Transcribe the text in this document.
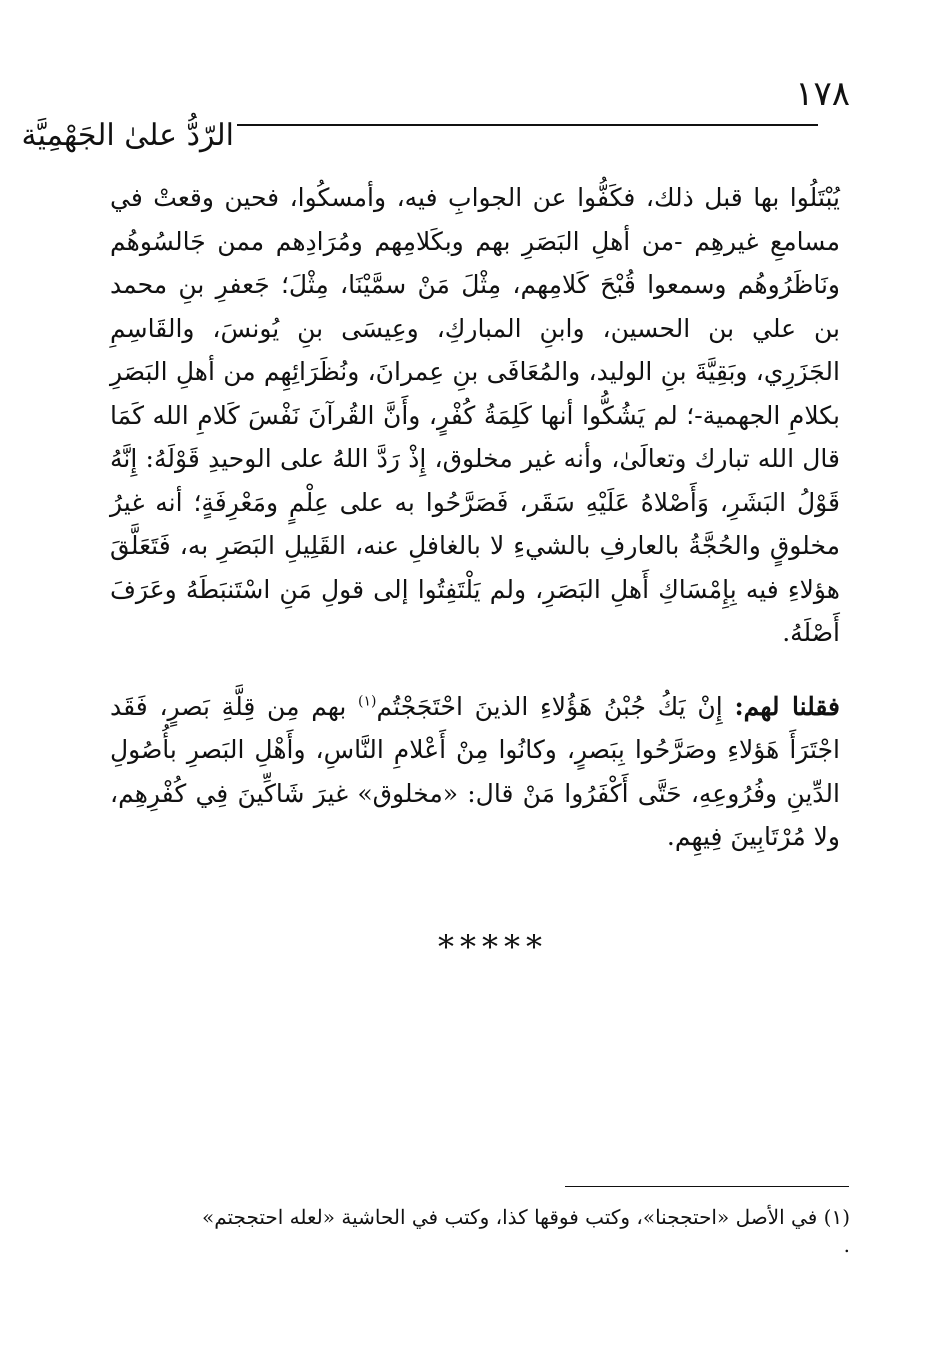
١٧٨
الرّدُّ علىٰ الجَهْمِيَّة

يُبْتَلُوا بها قبل ذلك، فكَفُّوا عن الجوابِ فيه، وأمسكُوا، فحين وقعتْ في مسامعِ غيرهِم -من أهلِ البَصَرِ بهم وبكَلامِهم ومُرَادِهم ممن جَالسُوهُم ونَاظَرُوهُم وسمعوا قُبْحَ كَلامِهم، مِثْلَ مَنْ سمَّيْنَا، مِثْلَ؛ جَعفرِ بنِ محمد بن علي بن الحسين، وابنِ المباركِ، وعِيسَى بنِ يُونسَ، والقَاسِمِ الجَزَرِي، وبَقِيَّةَ بنِ الوليد، والمُعَافَى بنِ عِمرانَ، ونُظَرَائِهِم من أهلِ البَصَرِ بكلامِ الجهمية-؛ لم يَشُكُّوا أنها كَلِمَةُ كُفْرٍ، وأَنَّ القُرآنَ نَفْسَ كَلامِ الله كَمَا قال الله تبارك وتعالَىٰ، وأنه غير مخلوق، إِذْ رَدَّ اللهُ على الوحيدِ قَوْلَهُ: إِنَّهُ قَوْلُ البَشَرِ، وَأَصْلاهُ عَلَيْهِ سَقَر، فَصَرَّحُوا به على عِلْمٍ ومَعْرِفَةٍ؛ أنه غيرُ مخلوقٍ والحُجَّةُ بالعارفِ بالشيءِ لا بالغافلِ عنه، القَلِيلِ البَصَرِ به، فَتَعَلَّقَ هؤلاءِ فيه بِإِمْسَاكِ أَهلِ البَصَرِ، ولم يَلْتَفِتُوا إلى قولِ مَنِ اسْتَنبَطَهُ وعَرَفَ أَصْلَهُ.

فقلنا لهم: إِنْ يَكُ جُبْنُ هَؤُلاءِ الذينَ احْتَجَجْتُم$^{(١)}$ بهم مِن قِلَّةِ بَصرٍ، فَقَد اجْتَرَأَ هَؤلاءِ وصَرَّحُوا بِبَصرٍ، وكانُوا مِنْ أَعْلامِ النَّاسِ، وأَهْلِ البَصرِ بأُصُولِ الدِّينِ وفُرُوعِهِ، حَتَّى أَكْفَرُوا مَنْ قال: «مخلوق» غيرَ شَاكِّينَ فِي كُفْرِهِم، ولا مُرْتَابِينَ فِيهِم.

*****
(١) في الأصل «احتججنا»، وكتب فوقها كذا، وكتب في الحاشية «لعله احتججتم» .
